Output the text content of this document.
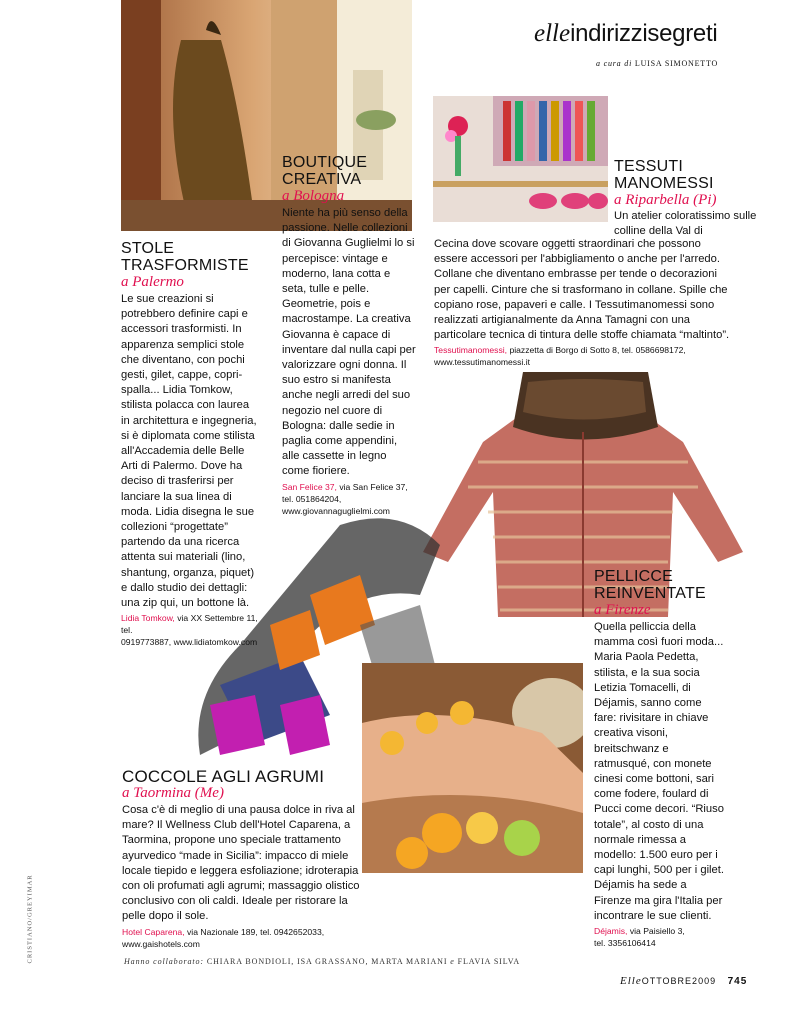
elleindirizzisegreti
a cura di LUISA SIMONETTO
BOUTIQUE
CREATIVA
a Bologna
Niente ha più senso della passione. Nelle collezioni di Giovanna Guglielmi lo si percepisce: vintage e moderno, lana cotta e seta, tulle e pelle. Geometrie, pois e macrostampe. La creativa Giovanna è capace di inventare dal nulla capi per valorizzare ogni donna. Il suo estro si manifesta anche negli arredi del suo negozio nel cuore di Bologna: dalle sedie in paglia come appendini, alle cassette in legno come fioriere.
San Felice 37, via San Felice 37,
tel. 051864204,
www.giovannaguglielmi.com
TESSUTI
MANOMESSI
a Riparbella (Pi)
Un atelier coloratissimo sulle colline della Val di
Cecina dove scovare oggetti straordinari che possono essere accessori per l'abbigliamento o anche per l'arredo. Collane che diventano embrasse per tende o decorazioni per capelli. Cinture che si trasformano in collane. Spille che copiano rose, papaveri e calle. I Tessutimanomessi sono realizzati artigianalmente da Anna Tamagni con una particolare tecnica di tintura delle stoffe chiamata “maltinto”.
Tessutimanomessi, piazzetta di Borgo di Sotto 8, tel. 0586698172,
www.tessutimanomessi.it
STOLE
TRASFORMISTE
a Palermo
Le sue creazioni si potrebbero definire capi e accessori trasformisti. In apparenza semplici stole che diventano, con pochi gesti, gilet, cappe, copri-spalla... Lidia Tomkow, stilista polacca con laurea in architettura e ingegneria, si è diplomata come stilista all'Accademia delle Belle Arti di Palermo. Dove ha deciso di trasferirsi per lanciare la sua linea di moda. Lidia disegna le sue collezioni “progettate” partendo da una ricerca attenta sui materiali (lino, shantung, organza, piquet) e dallo studio dei dettagli: una zip qui, un bottone là.
Lidia Tomkow, via XX Settembre 11, tel.
0919773887, www.lidiatomkow.com
PELLICCE
REINVENTATE
a Firenze
Quella pelliccia della mamma così fuori moda... Maria Paola Pedetta, stilista, e la sua socia Letizia Tomacelli, di Déjamis, sanno come fare: rivisitare in chiave creativa visoni, breitschwanz e ratmusqué, con monete cinesi come bottoni, sari come fodere, foulard di Pucci come decori. “Riuso totale”, al costo di una normale rimessa a modello: 1.500 euro per i capi lunghi, 500 per i gilet. Déjamis ha sede a Firenze ma gira l'Italia per incontrare le sue clienti.
Déjamis, via Paisiello 3,
tel. 3356106414
COCCOLE AGLI AGRUMI
a Taormina (Me)
Cosa c'è di meglio di una pausa dolce in riva al mare? Il Wellness Club dell'Hotel Caparena, a Taormina, propone uno speciale trattamento ayurvedico “made in Sicilia”: impacco di miele locale tiepido e leggera esfoliazione; idroterapia con oli profumati agli agrumi; massaggio olistico conclusivo con oli caldi. Ideale per ristorare la pelle dopo il sole.
Hotel Caparena, via Nazionale 189, tel. 0942652033, www.gaishotels.com
CRISTIANO/GREYIMAR	Hanno collaborato: CHIARA BONDIOLI, ISA GRASSANO, MARTA MARIANI e FLAVIA SILVA
ElleOTTOBRE2009 745
